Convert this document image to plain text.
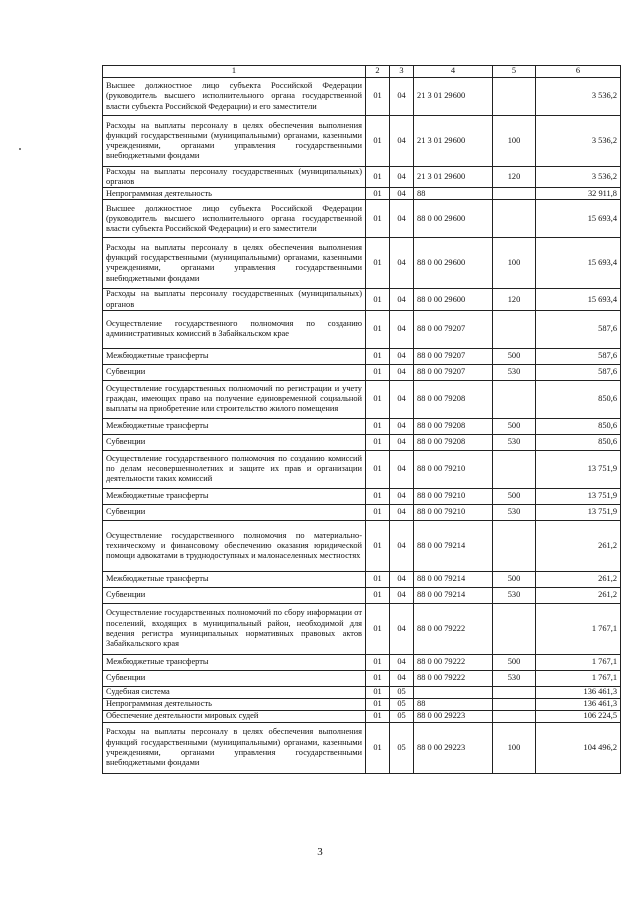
1	2	3	4	5	6
Высшее должностное лицо субъекта Российской Федерации (руководитель высшего исполнительного органа государственной власти субъекта Российской Федерации) и его заместители	01	04	21 3 01 29600		3 536,2
Расходы на выплаты персоналу в целях обеспечения выполнения функций государственными (муниципальными) органами, казенными учреждениями, органами управления государственными внебюджетными фондами	01	04	21 3 01 29600	100	3 536,2
Расходы на выплаты персоналу государственных (муниципальных) органов	01	04	21 3 01 29600	120	3 536,2
Непрограммная деятельность	01	04	88		32 911,8
Высшее должностное лицо субъекта Российской Федерации (руководитель высшего исполнительного органа государственной власти субъекта Российской Федерации) и его заместители	01	04	88 0 00 29600		15 693,4
Расходы на выплаты персоналу в целях обеспечения выполнения функций государственными (муниципальными) органами, казенными учреждениями, органами управления государственными внебюджетными фондами	01	04	88 0 00 29600	100	15 693,4
Расходы на выплаты персоналу государственных (муниципальных) органов	01	04	88 0 00 29600	120	15 693,4
Осуществление государственного полномочия по созданию административных комиссий в Забайкальском крае	01	04	88 0 00 79207		587,6
Межбюджетные трансферты	01	04	88 0 00 79207	500	587,6
Субвенции	01	04	88 0 00 79207	530	587,6
Осуществление государственных полномочий по регистрации и учету граждан, имеющих право на получение единовременной социальной выплаты на приобретение или строительство жилого помещения	01	04	88 0 00 79208		850,6
Межбюджетные трансферты	01	04	88 0 00 79208	500	850,6
Субвенции	01	04	88 0 00 79208	530	850,6
Осуществление государственного полномочия по созданию комиссий по делам несовершеннолетних и защите их прав и организации деятельности таких комиссий	01	04	88 0 00 79210		13 751,9
Межбюджетные трансферты	01	04	88 0 00 79210	500	13 751,9
Субвенции	01	04	88 0 00 79210	530	13 751,9
Осуществление государственного полномочия по материально-техническому и финансовому обеспечению оказания юридической помощи адвокатами в труднодоступных и малонаселенных местностях	01	04	88 0 00 79214		261,2
Межбюджетные трансферты	01	04	88 0 00 79214	500	261,2
Субвенции	01	04	88 0 00 79214	530	261,2
Осуществление государственных полномочий по сбору информации от поселений, входящих в муниципальный район, необходимой для ведения регистра муниципальных нормативных правовых актов Забайкальского края	01	04	88 0 00 79222		1 767,1
Межбюджетные трансферты	01	04	88 0 00 79222	500	1 767,1
Субвенции	01	04	88 0 00 79222	530	1 767,1
Судебная система	01	05			136 461,3
Непрограммная деятельность	01	05	88		136 461,3
Обеспечение деятельности мировых судей	01	05	88 0 00 29223		106 224,5
Расходы на выплаты персоналу в целях обеспечения выполнения функций государственными (муниципальными) органами, казенными учреждениями, органами управления государственными внебюджетными фондами	01	05	88 0 00 29223	100	104 496,2
3
